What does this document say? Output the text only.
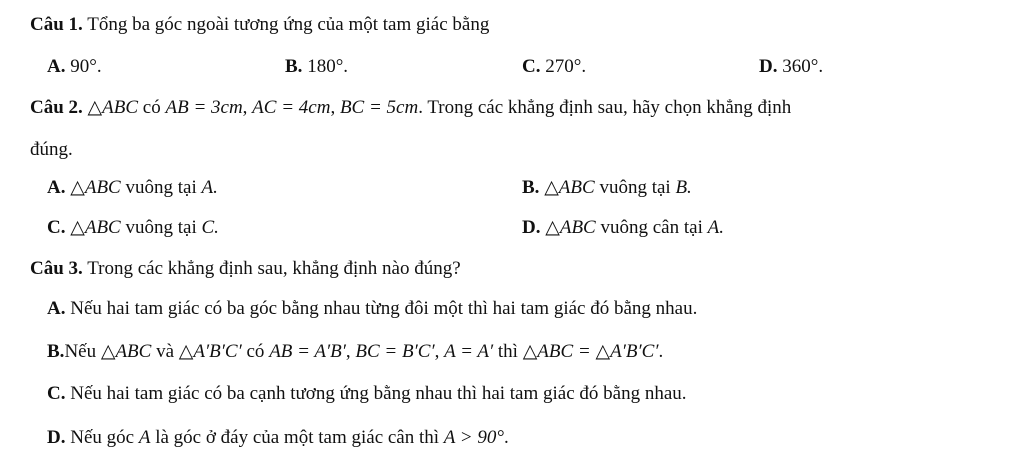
Câu 1. Tổng ba góc ngoài tương ứng của một tam giác bằng
A. 90°.	B. 180°.	C. 270°.	D. 360°.
Câu 2. △ABC có AB = 3cm, AC = 4cm, BC = 5cm. Trong các khẳng định sau, hãy chọn khẳng định
đúng.
A. △ABC vuông tại A.	B. △ABC vuông tại B.
C. △ABC vuông tại C.	D. △ABC vuông cân tại A.
Câu 3. Trong các khẳng định sau, khẳng định nào đúng?
A. Nếu hai tam giác có ba góc bằng nhau từng đôi một thì hai tam giác đó bằng nhau.
B.Nếu △ABC và △A′B′C′ có AB = A′B′, BC = B′C′, A = A′ thì △ABC = △A′B′C′.
C. Nếu hai tam giác có ba cạnh tương ứng bằng nhau thì hai tam giác đó bằng nhau.
D. Nếu góc A là góc ở đáy của một tam giác cân thì A > 90°.
